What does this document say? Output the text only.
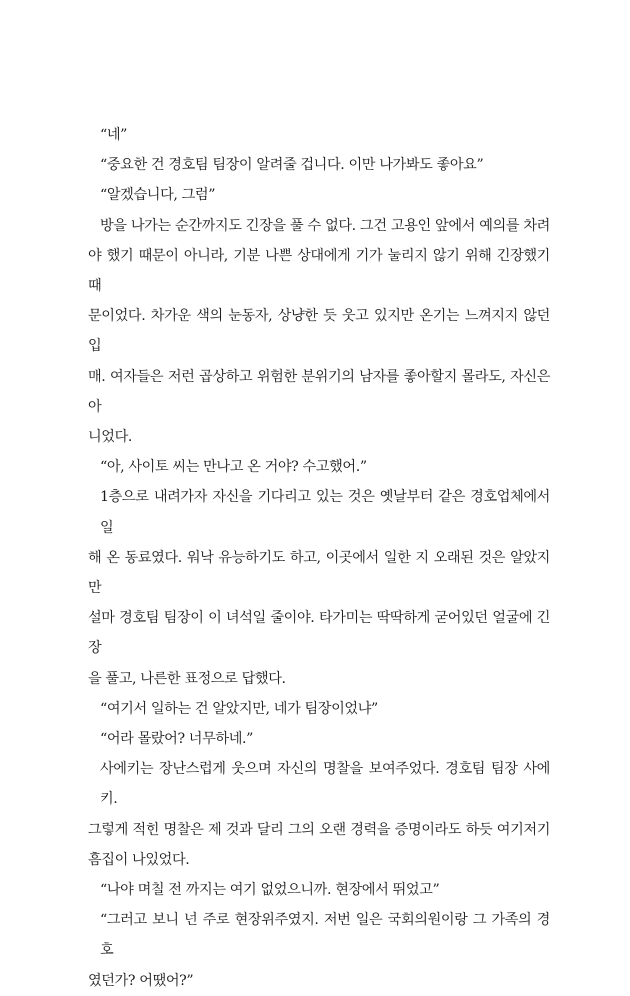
“네”

“중요한 건 경호팀 팀장이 알려줄 겁니다. 이만 나가봐도 좋아요”

“알겠습니다, 그럼”

방을 나가는 순간까지도 긴장을 풀 수 없다. 그건 고용인 앞에서 예의를 차려
야 했기 때문이 아니라, 기분 나쁜 상대에게 기가 눌리지 않기 위해 긴장했기 때
문이었다. 차가운 색의 눈동자, 상냥한 듯 웃고 있지만 온기는 느껴지지 않던 입
매. 여자들은 저런 곱상하고 위험한 분위기의 남자를 좋아할지 몰라도, 자신은 아
니었다.

“아, 사이토 씨는 만나고 온 거야? 수고했어.”

1층으로 내려가자 자신을 기다리고 있는 것은 옛날부터 같은 경호업체에서 일
해 온 동료였다. 워낙 유능하기도 하고, 이곳에서 일한 지 오래된 것은 알았지만
설마 경호팀 팀장이 이 녀석일 줄이야. 타가미는 딱딱하게 굳어있던 얼굴에 긴장
을 풀고, 나른한 표정으로 답했다.

“여기서 일하는 건 알았지만, 네가 팀장이었냐”

“어라 몰랐어? 너무하네.”

사에키는 장난스럽게 웃으며 자신의 명찰을 보여주었다. 경호팀 팀장 사에키.
그렇게 적힌 명찰은 제 것과 달리 그의 오랜 경력을 증명이라도 하듯 여기저기
흠집이 나있었다.

“나야 며칠 전 까지는 여기 없었으니까. 현장에서 뛰었고”

“그러고 보니 넌 주로 현장위주였지. 저번 일은 국회의원이랑 그 가족의 경호
였던가? 어땠어?”
